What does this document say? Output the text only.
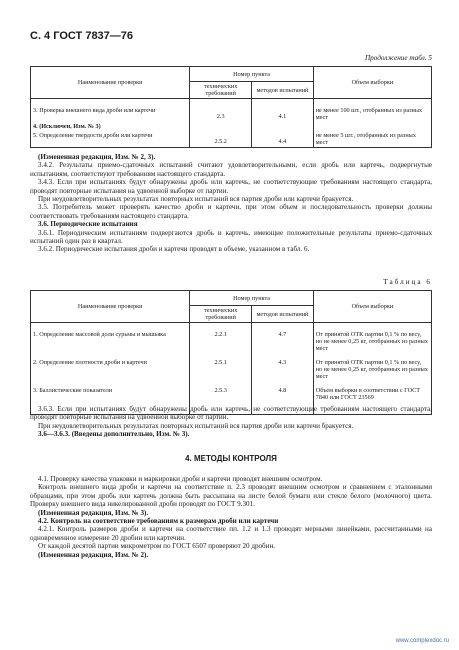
С. 4 ГОСТ 7837—76
Продолжение табл. 5
Наименование проверки	Номер пункта		Объем выборки
	технических требований	методов испытаний	
3. Проверка внешнего вида дроби или картечи	2.3	4.1	не менее 100 шт., отобранных из разных мест
4. (Исключен, Изм. № 3)			
5. Определение твердости дроби или картечи	2.5.2	4.4	не менее 5 шт., отобранных из разных мест

(Измененная редакция, Изм. № 2, 3).

3.4.2. Результаты приемо-сдаточных испытаний считают удовлетворительными, если дробь или картечь, подвергнутые испытаниям, соответствуют требованиям настоящего стандарта.

3.4.3. Если при испытаниях будут обнаружены дробь или картечь, не соответствующие требованиям настоящего стандарта, проводят повторные испытания на удвоенной выборке от партии.

При неудовлетворительных результатах повторных испытаний вся партия дроби или картечи бракуется.

3.5. Потребитель может проверять качество дроби и картечи, при этом объем и последовательность проверки должны соответствовать требованиям настоящего стандарта.

3.6. Периодические испытания

3.6.1. Периодическим испытаниям подвергаются дробь и картечь, имеющие положительные результаты приемо-сдаточных испытаний один раз в квартал.

3.6.2. Периодические испытания дроби и картечи проводят в объеме, указанном в табл. 6.

Таблица 6
Наименование проверки	Номер пункта		Объем выборки
	технических требований	методов испытаний	
1. Определение массовой доли сурьмы и мышьяка	2.2.1	4.7	От принятой ОТК партии 0,1 % по весу, но не менее 0,25 кг, отобранных из разных мест
2. Определение плотности дроби и картечи	2.5.1	4.3	От принятой ОТК партии 0,1 % по весу, но не менее 0,25 кг, отобранных из разных мест
3. Баллистические показатели	2.5.3	4.8	Объем выборки в соответствии с ГОСТ 7840 или ГОСТ 23569

3.6.3. Если при испытаниях будут обнаружены дробь или картечь, не соответствующие требованиям настоящего стандарта, проводят повторные испытания на удвоенной выборке от партии.

При неудовлетворительных результатах повторных испытаний вся партия дроби или картечи бракуется.

3.6—3.6.3. (Введены дополнительно, Изм. № 3).

4. МЕТОДЫ КОНТРОЛЯ

4.1. Проверку качества упаковки и маркировки дроби и картечи проводят внешним осмотром.

Контроль внешнего вида дроби и картечи на соответствие п. 2.3 проводят внешним осмотром и сравнением с эталонными образцами, при этом дробь или картечь должна быть рассыпана на листе белой бумаги или стекле белого (молочного) цвета. Проверку внешнего вида никелированной дроби проводят по ГОСТ 9.301.

(Измененная редакция, Изм. № 3).

4.2. Контроль на соответствие требованиям к размерам дроби или картечи

4.2.1. Контроль размеров дроби и картечи на соответствие пп. 1.2 и 1.3 проводят мерными линейками, рассчитанными на одновременное измерение 20 дробин или картечин.

От каждой десятой партии микрометром по ГОСТ 6507 проверяют 20 дробин.

(Измененная редакция, Изм. № 2).

www.complexdoc.ru
